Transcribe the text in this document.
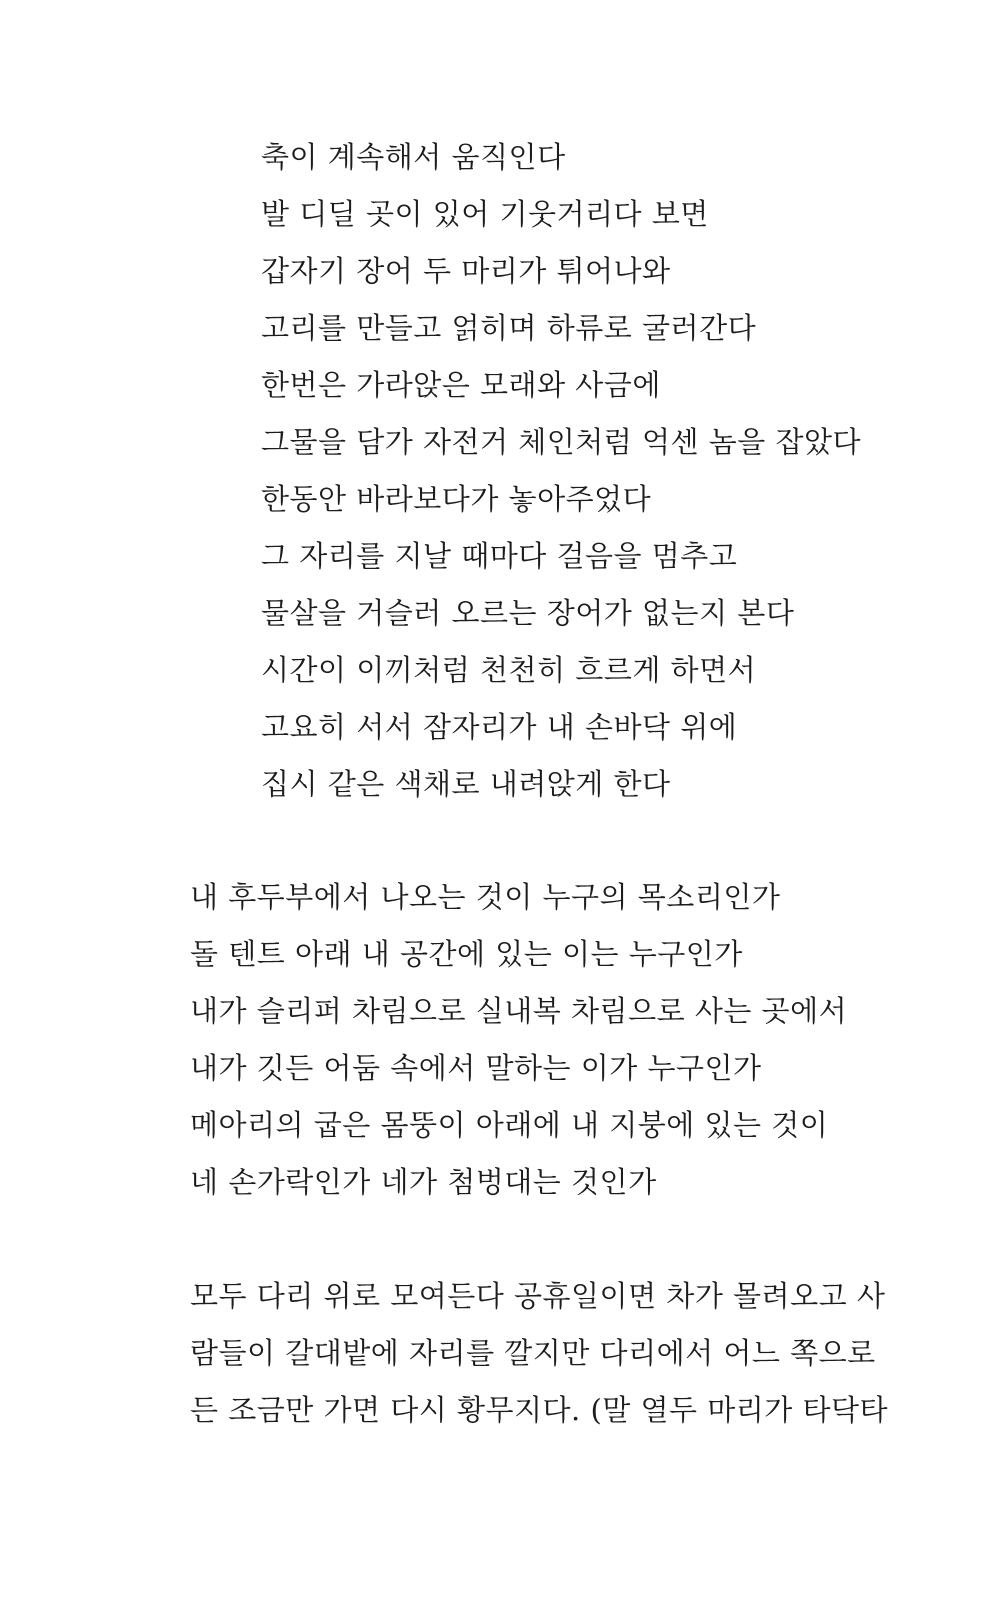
축이 계속해서 움직인다
발 디딜 곳이 있어 기웃거리다 보면
갑자기 장어 두 마리가 튀어나와
고리를 만들고 얽히며 하류로 굴러간다
한번은 가라앉은 모래와 사금에
그물을 담가 자전거 체인처럼 억센 놈을 잡았다
한동안 바라보다가 놓아주었다
그 자리를 지날 때마다 걸음을 멈추고
물살을 거슬러 오르는 장어가 없는지 본다
시간이 이끼처럼 천천히 흐르게 하면서
고요히 서서 잠자리가 내 손바닥 위에
집시 같은 색채로 내려앉게 한다
내 후두부에서 나오는 것이 누구의 목소리인가
돌 텐트 아래 내 공간에 있는 이는 누구인가
내가 슬리퍼 차림으로 실내복 차림으로 사는 곳에서
내가 깃든 어둠 속에서 말하는 이가 누구인가
메아리의 굽은 몸뚱이 아래에 내 지붕에 있는 것이
네 손가락인가 네가 첨벙대는 것인가
모두 다리 위로 모여든다 공휴일이면 차가 몰려오고 사
람들이 갈대밭에 자리를 깔지만 다리에서 어느 쪽으로
든 조금만 가면 다시 황무지다. (말 열두 마리가 타닥타
